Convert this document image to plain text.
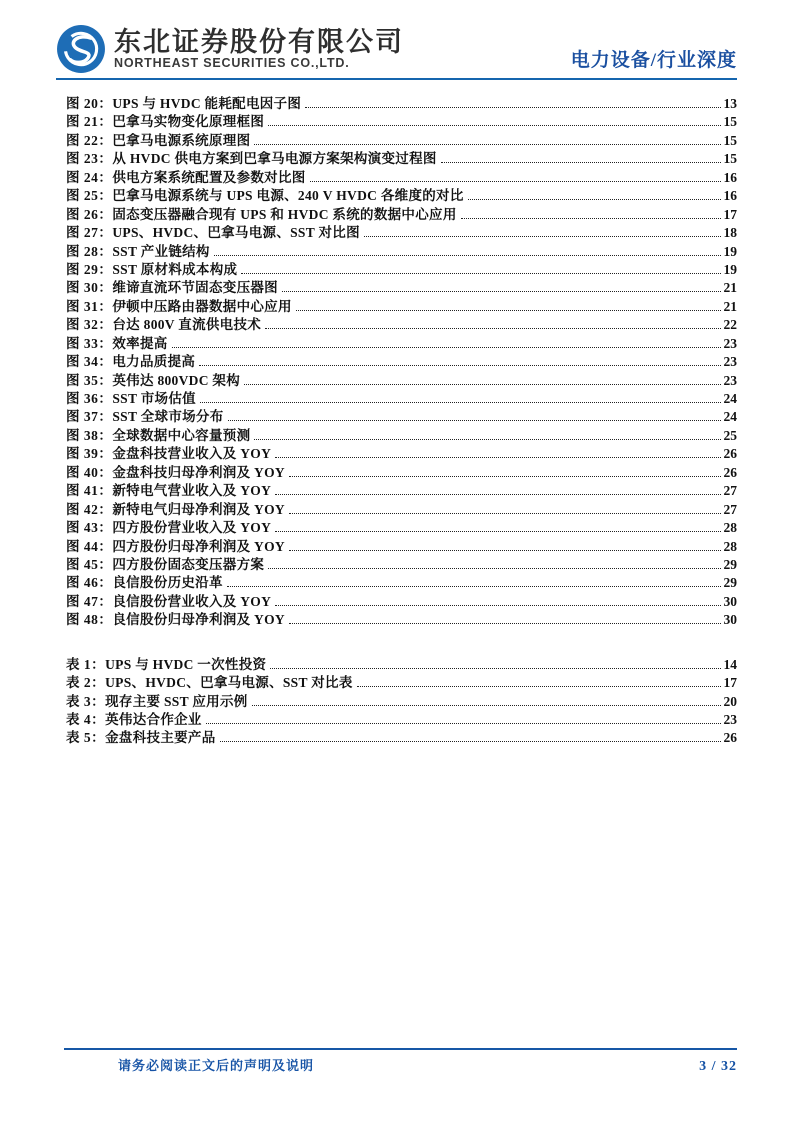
东北证券股份有限公司
NORTHEAST SECURITIES CO.,LTD.	电力设备/行业深度
图 20： UPS 与 HVDC 能耗配电因子图	13
图 21： 巴拿马实物变化原理框图	15
图 22： 巴拿马电源系统原理图	15
图 23： 从 HVDC 供电方案到巴拿马电源方案架构演变过程图	15
图 24： 供电方案系统配置及参数对比图	16
图 25： 巴拿马电源系统与 UPS 电源、240 V HVDC 各维度的对比	16
图 26： 固态变压器融合现有 UPS 和 HVDC 系统的数据中心应用	17
图 27： UPS、HVDC、巴拿马电源、SST 对比图	18
图 28： SST 产业链结构	19
图 29： SST 原材料成本构成	19
图 30： 维谛直流环节固态变压器图	21
图 31： 伊顿中压路由器数据中心应用	21
图 32： 台达 800V 直流供电技术	22
图 33： 效率提高	23
图 34： 电力品质提高	23
图 35： 英伟达 800VDC 架构	23
图 36： SST 市场估值	24
图 37： SST 全球市场分布	24
图 38： 全球数据中心容量预测	25
图 39： 金盘科技营业收入及 YOY	26
图 40： 金盘科技归母净利润及 YOY	26
图 41： 新特电气营业收入及 YOY	27
图 42： 新特电气归母净利润及 YOY	27
图 43： 四方股份营业收入及 YOY	28
图 44： 四方股份归母净利润及 YOY	28
图 45： 四方股份固态变压器方案	29
图 46： 良信股份历史沿革	29
图 47： 良信股份营业收入及 YOY	30
图 48： 良信股份归母净利润及 YOY	30
表 1： UPS 与 HVDC 一次性投资	14
表 2： UPS、HVDC、巴拿马电源、SST 对比表	17
表 3： 现存主要 SST 应用示例	20
表 4： 英伟达合作企业	23
表 5： 金盘科技主要产品	26
请务必阅读正文后的声明及说明	3 / 32
